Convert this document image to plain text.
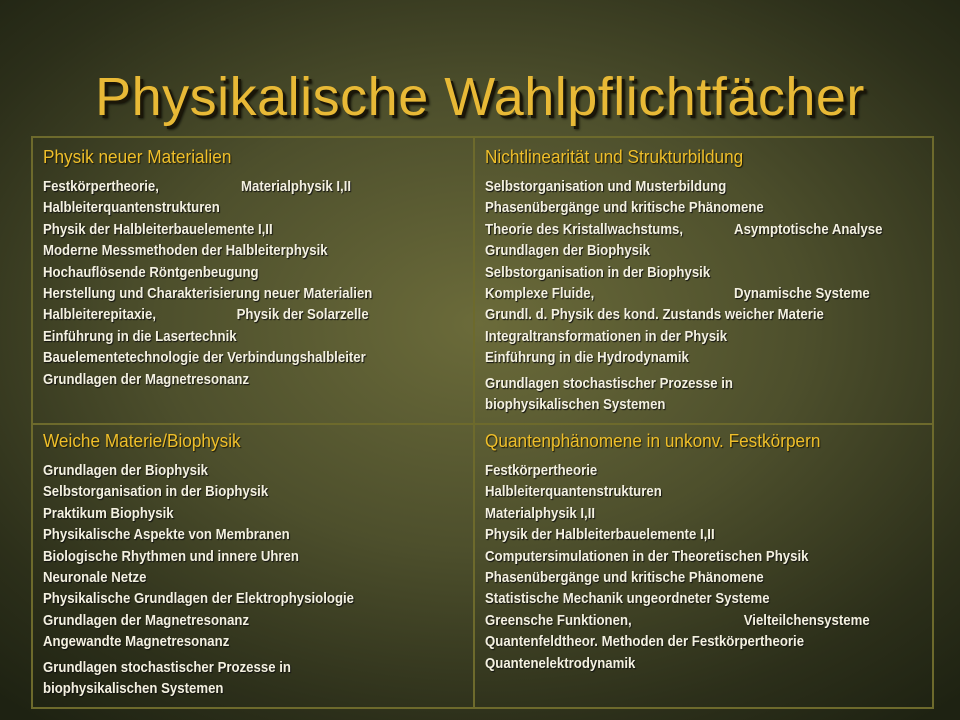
Physikalische Wahlpflichtfächer
Physik neuer Materialien
Festkörpertheorie,	Materialphysik I,II
Halbleiterquantenstrukturen
Physik der Halbleiterbauelemente I,II
Moderne Messmethoden der Halbleiterphysik
Hochauflösende Röntgenbeugung
Herstellung und Charakterisierung neuer Materialien
Halbleiterepitaxie,	Physik der Solarzelle
Einführung in die Lasertechnik
Bauelementetechnologie der Verbindungshalbleiter
Grundlagen der Magnetresonanz
Nichtlinearität und Strukturbildung
Selbstorganisation und Musterbildung
Phasenübergänge und kritische Phänomene
Theorie des Kristallwachstums,	Asymptotische Analyse
Grundlagen der Biophysik
Selbstorganisation in der Biophysik
Komplexe Fluide,	Dynamische Systeme
Grundl. d. Physik des kond. Zustands weicher Materie
Integraltransformationen in der Physik
Einführung in die Hydrodynamik
Grundlagen stochastischer Prozesse in
biophysikalischen Systemen
Weiche Materie/Biophysik
Grundlagen der Biophysik
Selbstorganisation in der Biophysik
Praktikum Biophysik
Physikalische Aspekte von Membranen
Biologische Rhythmen und innere Uhren
Neuronale Netze
Physikalische Grundlagen der Elektrophysiologie
Grundlagen der Magnetresonanz
Angewandte Magnetresonanz
Grundlagen stochastischer Prozesse in
biophysikalischen Systemen
Quantenphänomene in unkonv. Festkörpern
Festkörpertheorie
Halbleiterquantenstrukturen
Materialphysik I,II
Physik der Halbleiterbauelemente I,II
Computersimulationen in der Theoretischen Physik
Phasenübergänge und kritische Phänomene
Statistische Mechanik ungeordneter Systeme
Greensche Funktionen,	Vielteilchensysteme
Quantenfeldtheor. Methoden der Festkörpertheorie
Quantenelektrodynamik
